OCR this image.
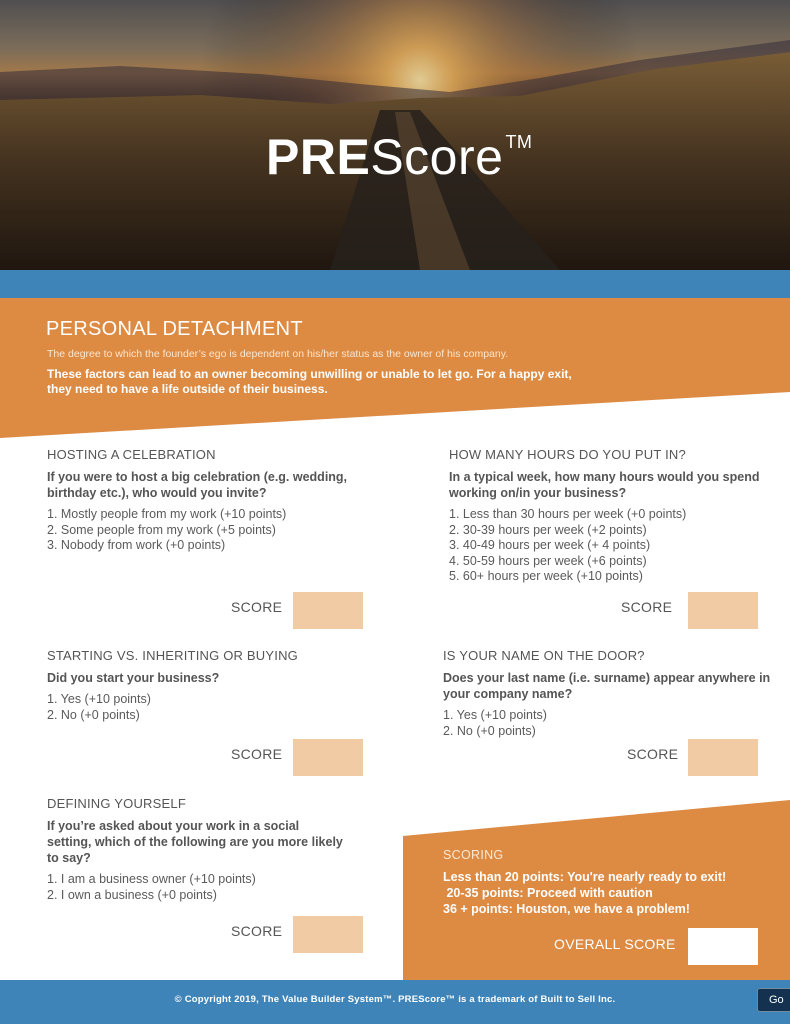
PREScore ™
PERSONAL DETACHMENT
The degree to which the founder’s ego is dependent on his/her status as the owner of his company.
These factors can lead to an owner becoming unwilling or unable to let go. For a happy exit, they need to have a life outside of their business.
HOSTING A CELEBRATION
If you were to host a big celebration (e.g. wedding, birthday etc.), who would you invite?
1. Mostly people from my work (+10 points)
2. Some people from my work (+5 points)
3. Nobody from work (+0 points)
SCORE
HOW MANY HOURS DO YOU PUT IN?
In a typical week, how many hours would you spend working on/in your business?
1. Less than 30 hours per week (+0 points)
2. 30-39 hours per week (+2 points)
3. 40-49 hours per week (+ 4 points)
4. 50-59 hours per week (+6 points)
5. 60+ hours per week (+10 points)
SCORE
STARTING VS. INHERITING OR BUYING
Did you start your business?
1. Yes (+10 points)
2. No (+0 points)
SCORE
IS YOUR NAME ON THE DOOR?
Does your last name (i.e. surname) appear anywhere in your company name?
1. Yes (+10 points)
2. No (+0 points)
SCORE
DEFINING YOURSELF
If you’re asked about your work in a social setting, which of the following are you more likely to say?
1. I am a business owner (+10 points)
2. I own a business (+0 points)
SCORE
SCORING
Less than 20 points: You're nearly ready to exit!
20-35 points: Proceed with caution
36 + points: Houston, we have a problem!
OVERALL SCORE
© Copyright 2019, The Value Builder System™. PREScore™ is a trademark of Built to Sell Inc.	Go
